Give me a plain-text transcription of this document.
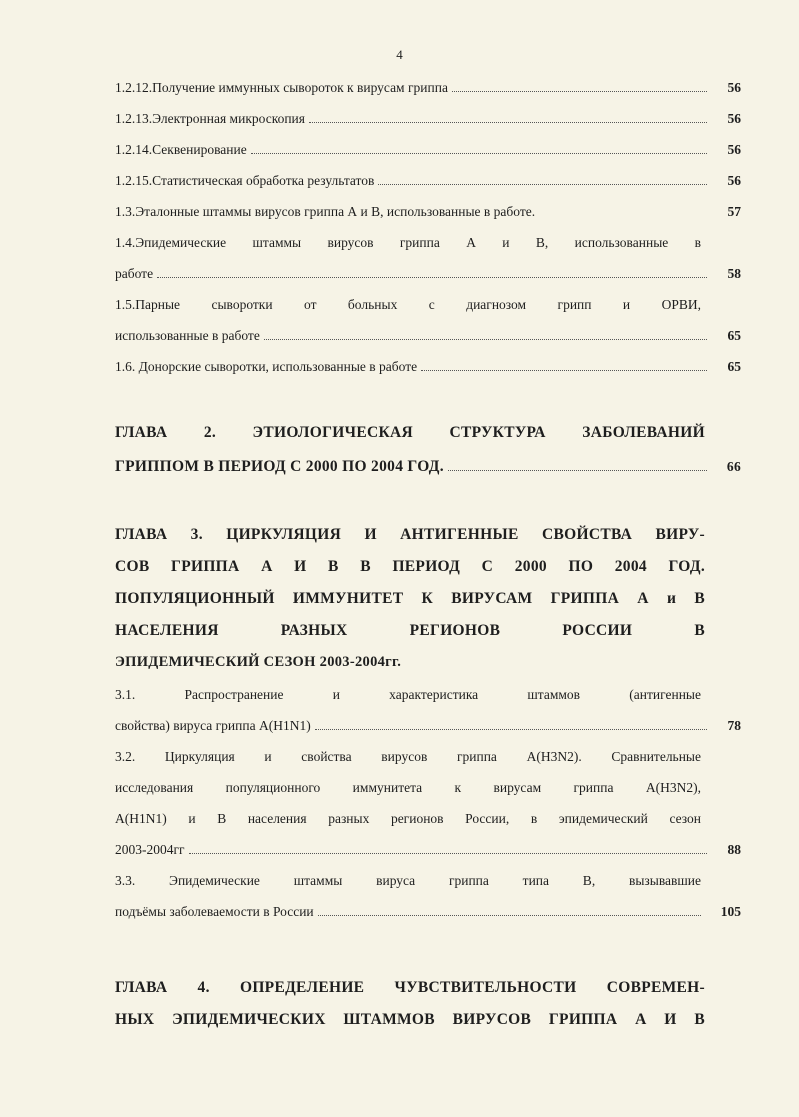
4
1.2.12.Получение иммунных сывороток к вирусам гриппа	56
1.2.13.Электронная микроскопия	56
1.2.14.Секвенирование	56
1.2.15.Статистическая обработка результатов	56
1.3.Эталонные штаммы вирусов гриппа А и В, использованные в работе.	57
1.4.Эпидемические штаммы вирусов гриппа А и В, использованные в
работе	58
1.5.Парные сыворотки от больных с диагнозом грипп и ОРВИ,
использованные в работе	65
1.6. Донорские сыворотки, использованные в работе	65
ГЛАВА 2. ЭТИОЛОГИЧЕСКАЯ СТРУКТУРА ЗАБОЛЕВАНИЙ
ГРИППОМ В ПЕРИОД С 2000 ПО 2004 ГОД.	66
ГЛАВА 3. ЦИРКУЛЯЦИЯ И АНТИГЕННЫЕ СВОЙСТВА ВИРУ-
СОВ ГРИППА А И В В ПЕРИОД С 2000 ПО 2004 ГОД.
ПОПУЛЯЦИОННЫЙ ИММУНИТЕТ К ВИРУСАМ ГРИППА А и В
НАСЕЛЕНИЯ РАЗНЫХ РЕГИОНОВ РОССИИ В
ЭПИДЕМИЧЕСКИЙ СЕЗОН 2003-2004гг.
3.1. Распространение и характеристика штаммов (антигенные
свойства) вируса гриппа А(H1N1)	78
3.2. Циркуляция и свойства вирусов гриппа А(H3N2). Сравнительные
исследования популяционного иммунитета к вирусам гриппа А(H3N2),
А(H1N1) и В населения разных регионов России, в эпидемический сезон
2003-2004гг	88
3.3. Эпидемические штаммы вируса гриппа типа В, вызывавшие
подъёмы заболеваемости в России	105
ГЛАВА 4. ОПРЕДЕЛЕНИЕ ЧУВСТВИТЕЛЬНОСТИ СОВРЕМЕН-
НЫХ ЭПИДЕМИЧЕСКИХ ШТАММОВ ВИРУСОВ ГРИППА А И В
